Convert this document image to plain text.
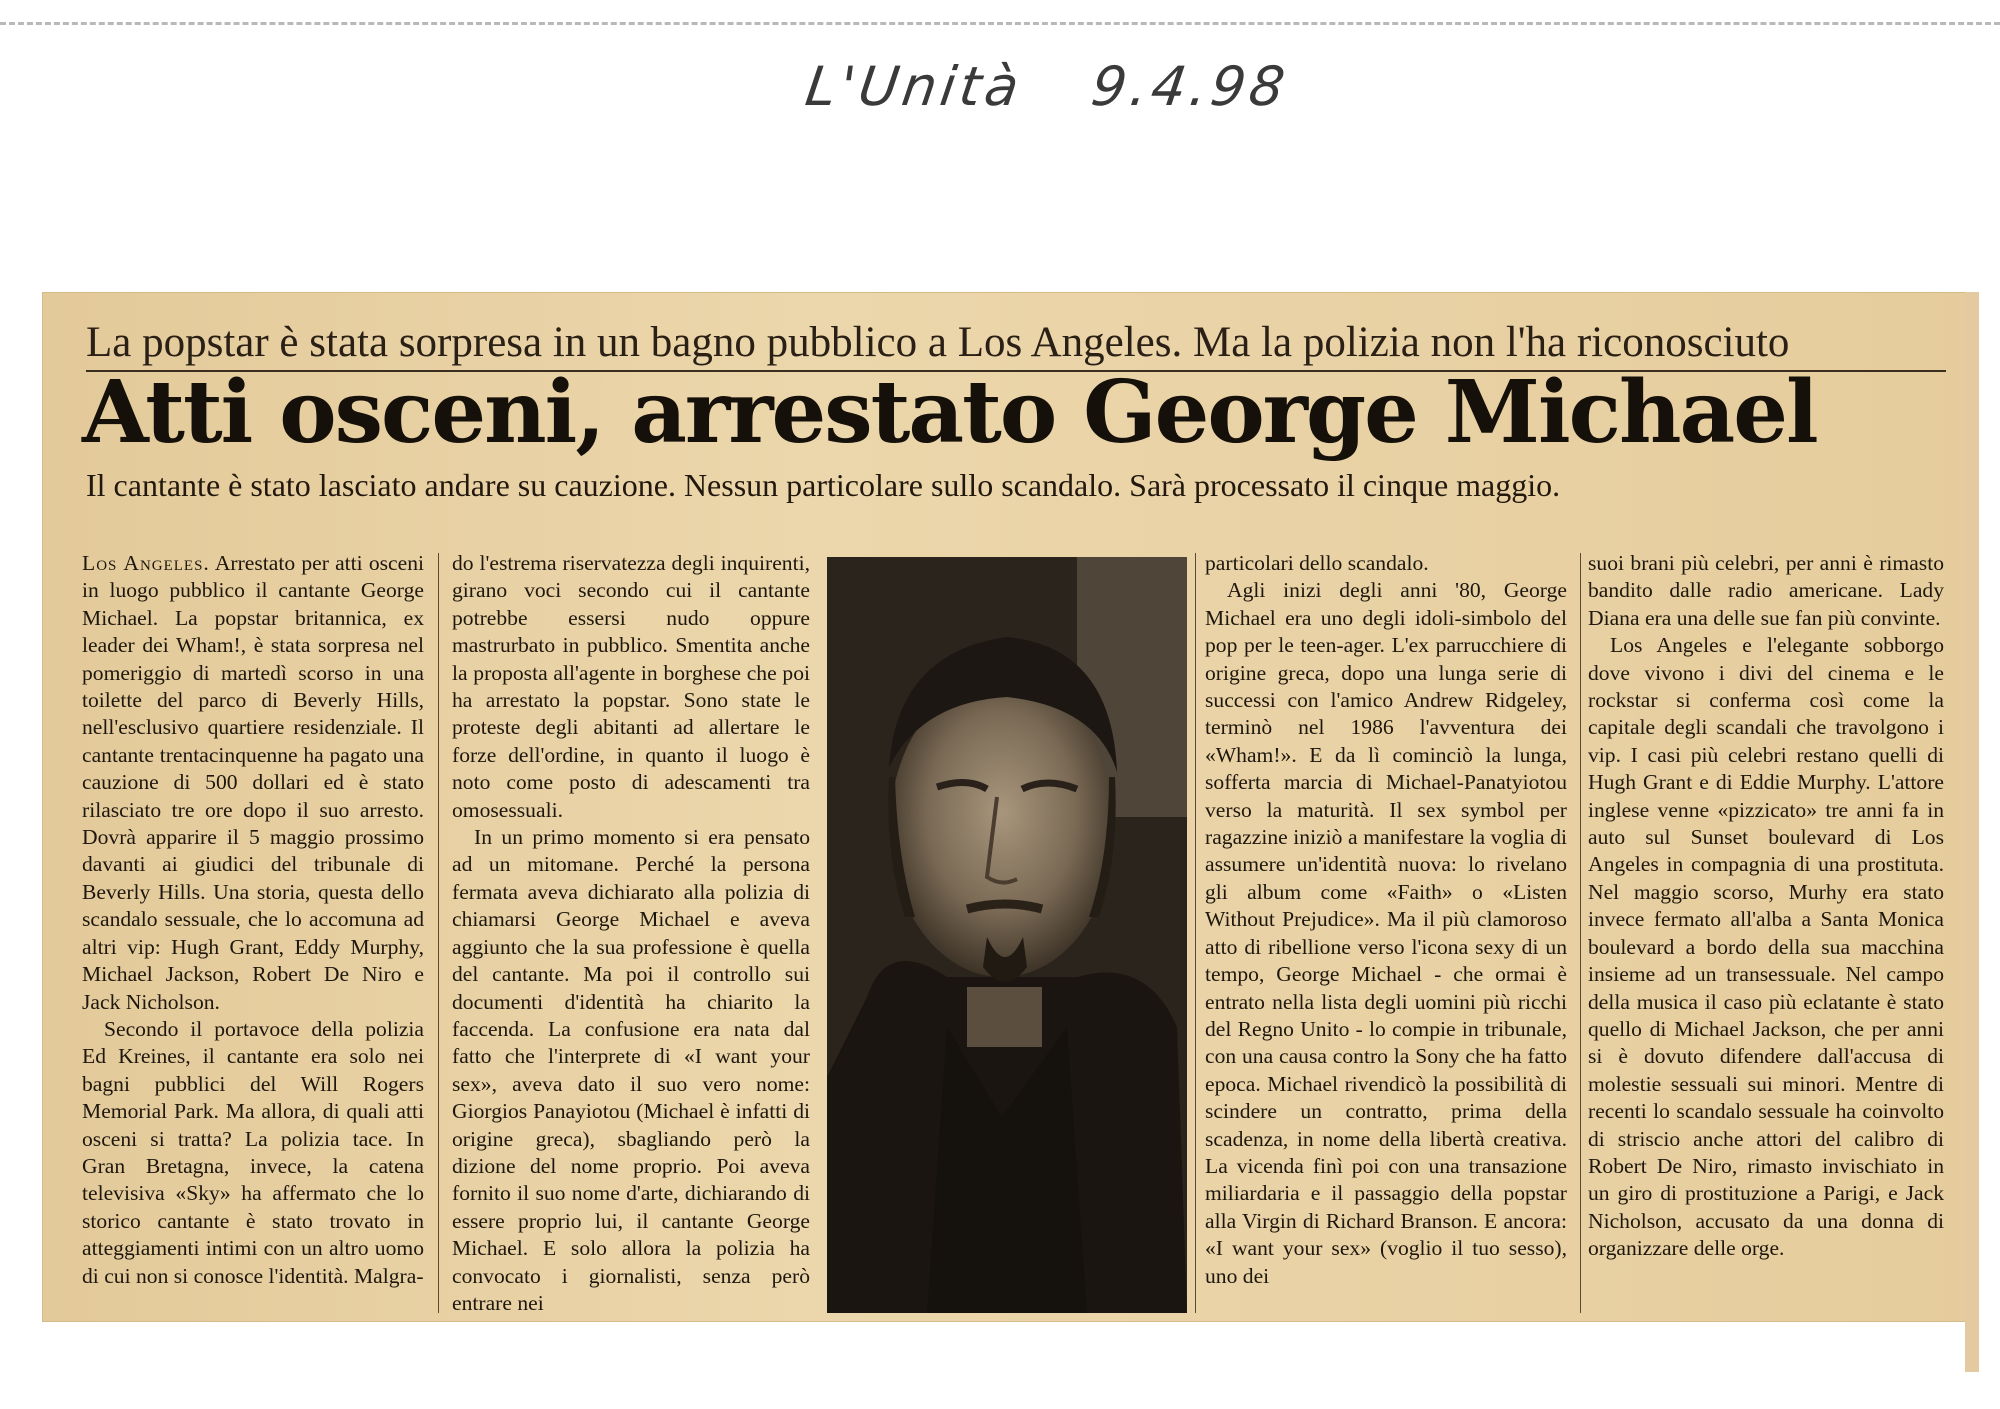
L'Unità 9.4.98
La popstar è stata sorpresa in un bagno pubblico a Los Angeles. Ma la polizia non l'ha riconosciuto
Atti osceni, arrestato George Michael
Il cantante è stato lasciato andare su cauzione. Nessun particolare sullo scandalo. Sarà processato il cinque maggio.

Los Angeles. Arrestato per atti osceni in luogo pubblico il cantante George Michael. La popstar britannica, ex leader dei Wham!, è stata sorpresa nel pomeriggio di martedì scorso in una toilette del parco di Beverly Hills, nell'esclusivo quartiere residenziale. Il cantante trentacinquenne ha pagato una cauzione di 500 dollari ed è stato rilasciato tre ore dopo il suo arresto. Dovrà apparire il 5 maggio prossimo davanti ai giudici del tribunale di Beverly Hills. Una storia, questa dello scandalo sessuale, che lo accomuna ad altri vip: Hugh Grant, Eddy Murphy, Michael Jackson, Robert De Niro e Jack Nicholson.

Secondo il portavoce della polizia Ed Kreines, il cantante era solo nei bagni pubblici del Will Rogers Memorial Park. Ma allora, di quali atti osceni si tratta? La polizia tace. In Gran Bretagna, invece, la catena televisiva «Sky» ha affermato che lo storico cantante è stato trovato in atteggiamenti intimi con un altro uomo di cui non si conosce l'identità. Malgra-

do l'estrema riservatezza degli inquirenti, girano voci secondo cui il cantante potrebbe essersi nudo oppure mastrurbato in pubblico. Smentita anche la proposta all'agente in borghese che poi ha arrestato la popstar. Sono state le proteste degli abitanti ad allertare le forze dell'ordine, in quanto il luogo è noto come posto di adescamenti tra omosessuali.

In un primo momento si era pensato ad un mitomane. Perché la persona fermata aveva dichiarato alla polizia di chiamarsi George Michael e aveva aggiunto che la sua professione è quella del cantante. Ma poi il controllo sui documenti d'identità ha chiarito la faccenda. La confusione era nata dal fatto che l'interprete di «I want your sex», aveva dato il suo vero nome: Giorgios Panayiotou (Michael è infatti di origine greca), sbagliando però la dizione del nome proprio. Poi aveva fornito il suo nome d'arte, dichiarando di essere proprio lui, il cantante George Michael. E solo allora la polizia ha convocato i giornalisti, senza però entrare nei

particolari dello scandalo.

Agli inizi degli anni '80, George Michael era uno degli idoli-simbolo del pop per le teen-ager. L'ex parrucchiere di origine greca, dopo una lunga serie di successi con l'amico Andrew Ridgeley, terminò nel 1986 l'avventura dei «Wham!». E da lì cominciò la lunga, sofferta marcia di Michael-Panatyiotou verso la maturità. Il sex symbol per ragazzine iniziò a manifestare la voglia di assumere un'identità nuova: lo rivelano gli album come «Faith» o «Listen Without Prejudice». Ma il più clamoroso atto di ribellione verso l'icona sexy di un tempo, George Michael - che ormai è entrato nella lista degli uomini più ricchi del Regno Unito - lo compie in tribunale, con una causa contro la Sony che ha fatto epoca. Michael rivendicò la possibilità di scindere un contratto, prima della scadenza, in nome della libertà creativa. La vicenda finì poi con una transazione miliardaria e il passaggio della popstar alla Virgin di Richard Branson. E ancora: «I want your sex» (voglio il tuo sesso), uno dei

suoi brani più celebri, per anni è rimasto bandito dalle radio americane. Lady Diana era una delle sue fan più convinte.

Los Angeles e l'elegante sobborgo dove vivono i divi del cinema e le rockstar si conferma così come la capitale degli scandali che travolgono i vip. I casi più celebri restano quelli di Hugh Grant e di Eddie Murphy. L'attore inglese venne «pizzicato» tre anni fa in auto sul Sunset boulevard di Los Angeles in compagnia di una prostituta. Nel maggio scorso, Murhy era stato invece fermato all'alba a Santa Monica boulevard a bordo della sua macchina insieme ad un transessuale. Nel campo della musica il caso più eclatante è stato quello di Michael Jackson, che per anni si è dovuto difendere dall'accusa di molestie sessuali sui minori. Mentre di recenti lo scandalo sessuale ha coinvolto di striscio anche attori del calibro di Robert De Niro, rimasto invischiato in un giro di prostituzione a Parigi, e Jack Nicholson, accusato da una donna di organizzare delle orge.
